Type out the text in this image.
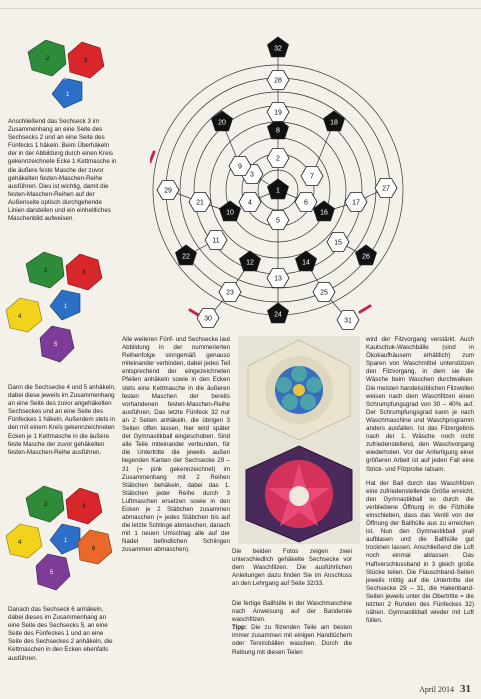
2	3
1

Anschließend das Sechseck 3 im Zusammenhang an eine Seite des Sechsecks 2 und an eine Seite des Fünfecks 1 häkeln. Beim Überhäkeln der in der Abbildung durch einen Kreis gekennzeichnete Ecke 1 Kettmasche in die äußere feste Masche der zuvor gehäkelten festen-Maschen-Reihe ausführen. Dies ist wichtig, damit die festen-Maschen-Reihen auf der Außenseite optisch durchgehende Linien darstellen und ein einheitliches Maschenbild aufweisen.

2	3
1
4
5

Dann die Sechsecke 4 und 5 anhäkeln, dabei diese jeweils im Zusammenhang an eine Seite des zuvor angehäkelten Sechseckes und an eine Seite des Fünfeckes 1 häkeln. Außerdem stets in den mit einem Kreis gekennzeichneten Ecken je 1 Kettmasche in die äußere feste Masche der zuvor gehäkelten festen-Maschen-Reihe ausführen.

2	3
1
4
5
6

Danach das Sechseck 6 anhäkeln, dabei dieses im Zusammenhang an eine Seite des Sechsecks 5, an eine Seite des Fünfeckes 1 und an eine Seite des Sechseckes 2 anhäkeln, die Kettmaschen in den Ecken ebenfalls ausführen.

1
2
3
4
5
6
7
8
9
10
11
12
13
14
15
16
17
18
19
20
21
22
23
24
25
26
27
28
29
30	31
32

Alle weiteren Fünf- und Sechsecke laut Abbildung in der nummerierten Reihenfolge sinngemäß genauso miteinander verbinden, dabei jedes Teil entsprechend der eingezeichneten Pfeilen anhäkeln sowie in den Ecken stets eine Kettmasche in die äußeren festen Maschen der bereits vorhandenen festen-Maschen-Reihe ausführen. Das letzte Fünfeck 32 nur an 2 Seiten anhäkeln, die übrigen 3 Seiten offen lassen, hier wird später der Gymnastikball eingeschoben. Sind alle Teile miteinander verbunden, für die Untertritte die jeweils außen liegenden Kanten der Sechsecke 29 – 31 (= pink gekennzeichnet) im Zusammenhang mit 2 Reihen Stäbchen behäkeln, dabei das 1. Stäbchen jeder Reihe durch 3 Luftmaschen ersetzen sowie in den Ecken je 2 Stäbchen zusammen abmaschen (= jedes Stäbchen bis auf die letzte Schlinge abmaschen, danach mit 1 neuen Umschlag alle auf der Nadel befindlichen Schlingen zusammen abmaschen).	Die beiden Fotos zeigen zwei unterschiedlich gehäkelte Sechsecke vor dem Waschfilzen. Die ausführlichen Anleitungen dazu finden Sie im Anschluss an den Lehrgang auf Seite 32/33.

Die fertige Ballhülle in der Waschmaschine nach Anweisung auf der Banderole waschfilzen.
Tipp: Die zu filzenden Teile am besten immer zusammen mit einigen Handtüchern oder Tennisbällen waschen. Durch die Reibung mit diesen Teilen

wird der Filzvorgang verstärkt. Auch Kautschuk-Waschbälle (sind in Ökokaufhäusern erhältlich) zum Sparen von Waschmittel unterstützen den Filzvorgang, in dem sie die Wäsche beim Waschen durchwalken. Die meisten handelsüblichen Filzwollen weisen nach dem Waschfilzen einen Schrumpfungsgrad von 30 – 40% auf. Der Schrumpfungsgrad kann je nach Waschmaschine und Waschprogramm anders ausfallen. Ist das Filzergebnis nach der 1. Wäsche noch nicht zufriedenstellend, den Waschvorgang wiederholen. Vor der Anfertigung einer größeren Arbeit ist auf jeden Fall eine Strick- und Filzprobe ratsam.

Hat der Ball durch das Waschfilzen eine zufriedenstellende Größe erreicht, den Gymnastikball so durch die verbliebene Öffnung in die Filzhülle einschieben, dass das Ventil von der Öffnung der Ballhülle aus zu erreichen ist. Nun den Gymnastikball prall aufblasen und die Ballhülle gut trocknen lassen. Anschließend die Luft noch einmal ablassen. Das Haftverschlussband in 3 gleich große Stücke teilen. Die Flauschband-Seiten jeweils mittig auf die Untertritte der Sechsecke 29 – 31, die Hakenband-Seiten jeweils unter die Obertritte = die letzten 2 Runden des Fünfeckes 32) nähen. Gymnastikball wieder mit Luft füllen.

April 2014 31
